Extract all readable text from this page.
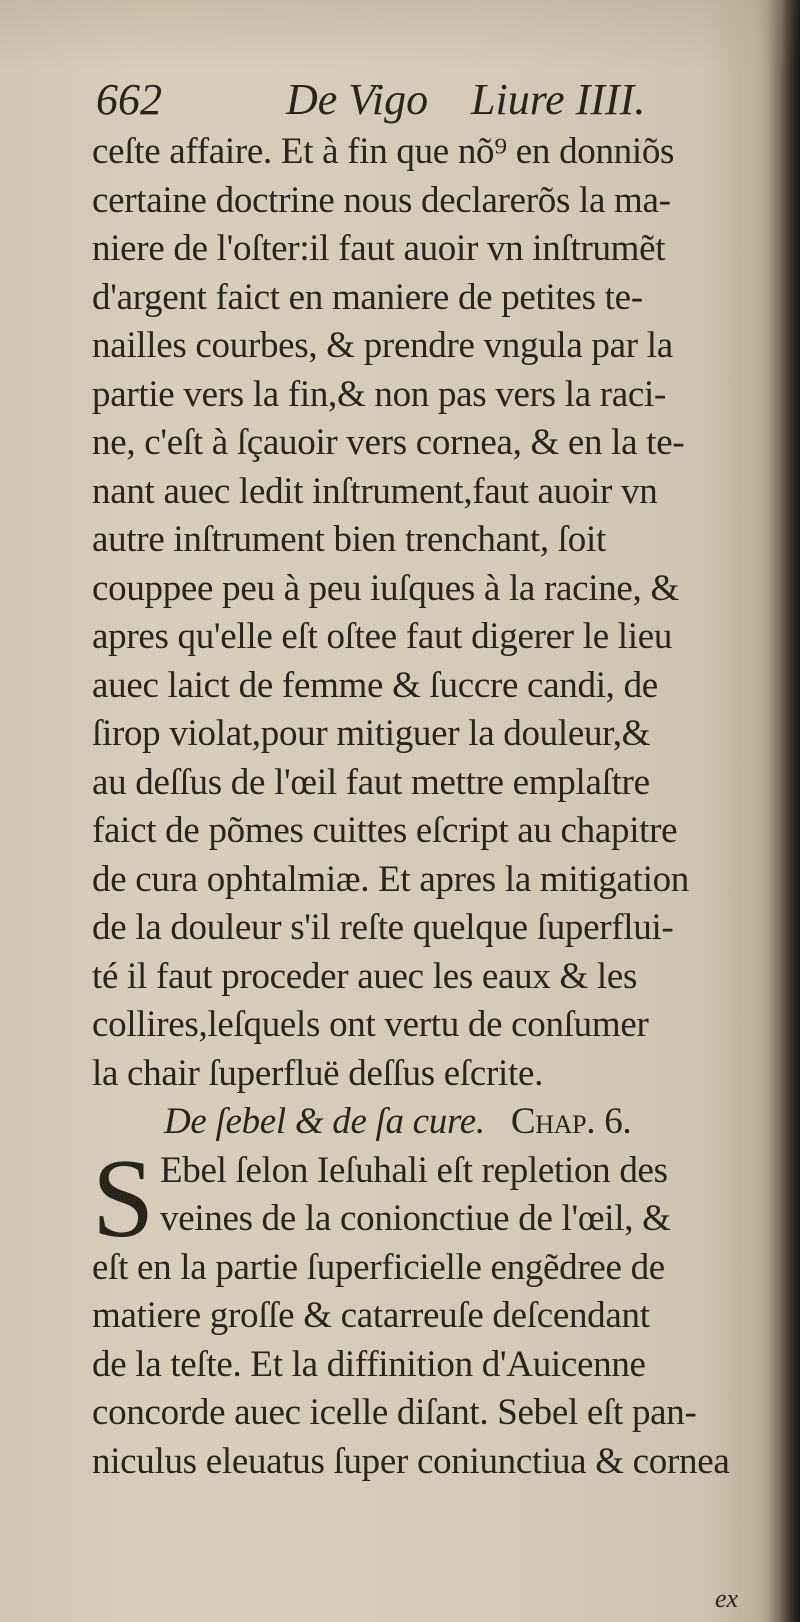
662	De Vigo Liure IIII.
ceſte affaire. Et à fin que nõ⁹ en donniõs
certaine doctrine nous declarerõs la ma-
niere de l'oſter:il faut auoir vn inſtrumẽt
d'argent faict en maniere de petites te-
nailles courbes, & prendre vngula par la
partie vers la fin,& non pas vers la raci-
ne, c'eſt à ſçauoir vers cornea, & en la te-
nant auec ledit inſtrument,faut auoir vn
autre inſtrument bien trenchant, ſoit
couppee peu à peu iuſques à la racine, &
apres qu'elle eſt oſtee faut digerer le lieu
auec laict de femme & ſuccre candi, de
ſirop violat,pour mitiguer la douleur,&
au deſſus de l'œil faut mettre emplaſtre
faict de põmes cuittes eſcript au chapitre
de cura ophtalmiæ. Et apres la mitigation
de la douleur s'il reſte quelque ſuperflui-
té il faut proceder auec les eaux & les
collires,leſquels ont vertu de conſumer
la chair ſuperfluë deſſus eſcrite.
De ſebel & de ſa cure. Chap. 6.
S Ebel ſelon Ieſuhali eſt repletion des
veines de la conionctiue de l'œil, &
eſt en la partie ſuperficielle engẽdree de
matiere groſſe & catarreuſe deſcendant
de la teſte. Et la diffinition d'Auicenne
concorde auec icelle diſant. Sebel eſt pan-
niculus eleuatus ſuper coniunctiua & cornea
ex
